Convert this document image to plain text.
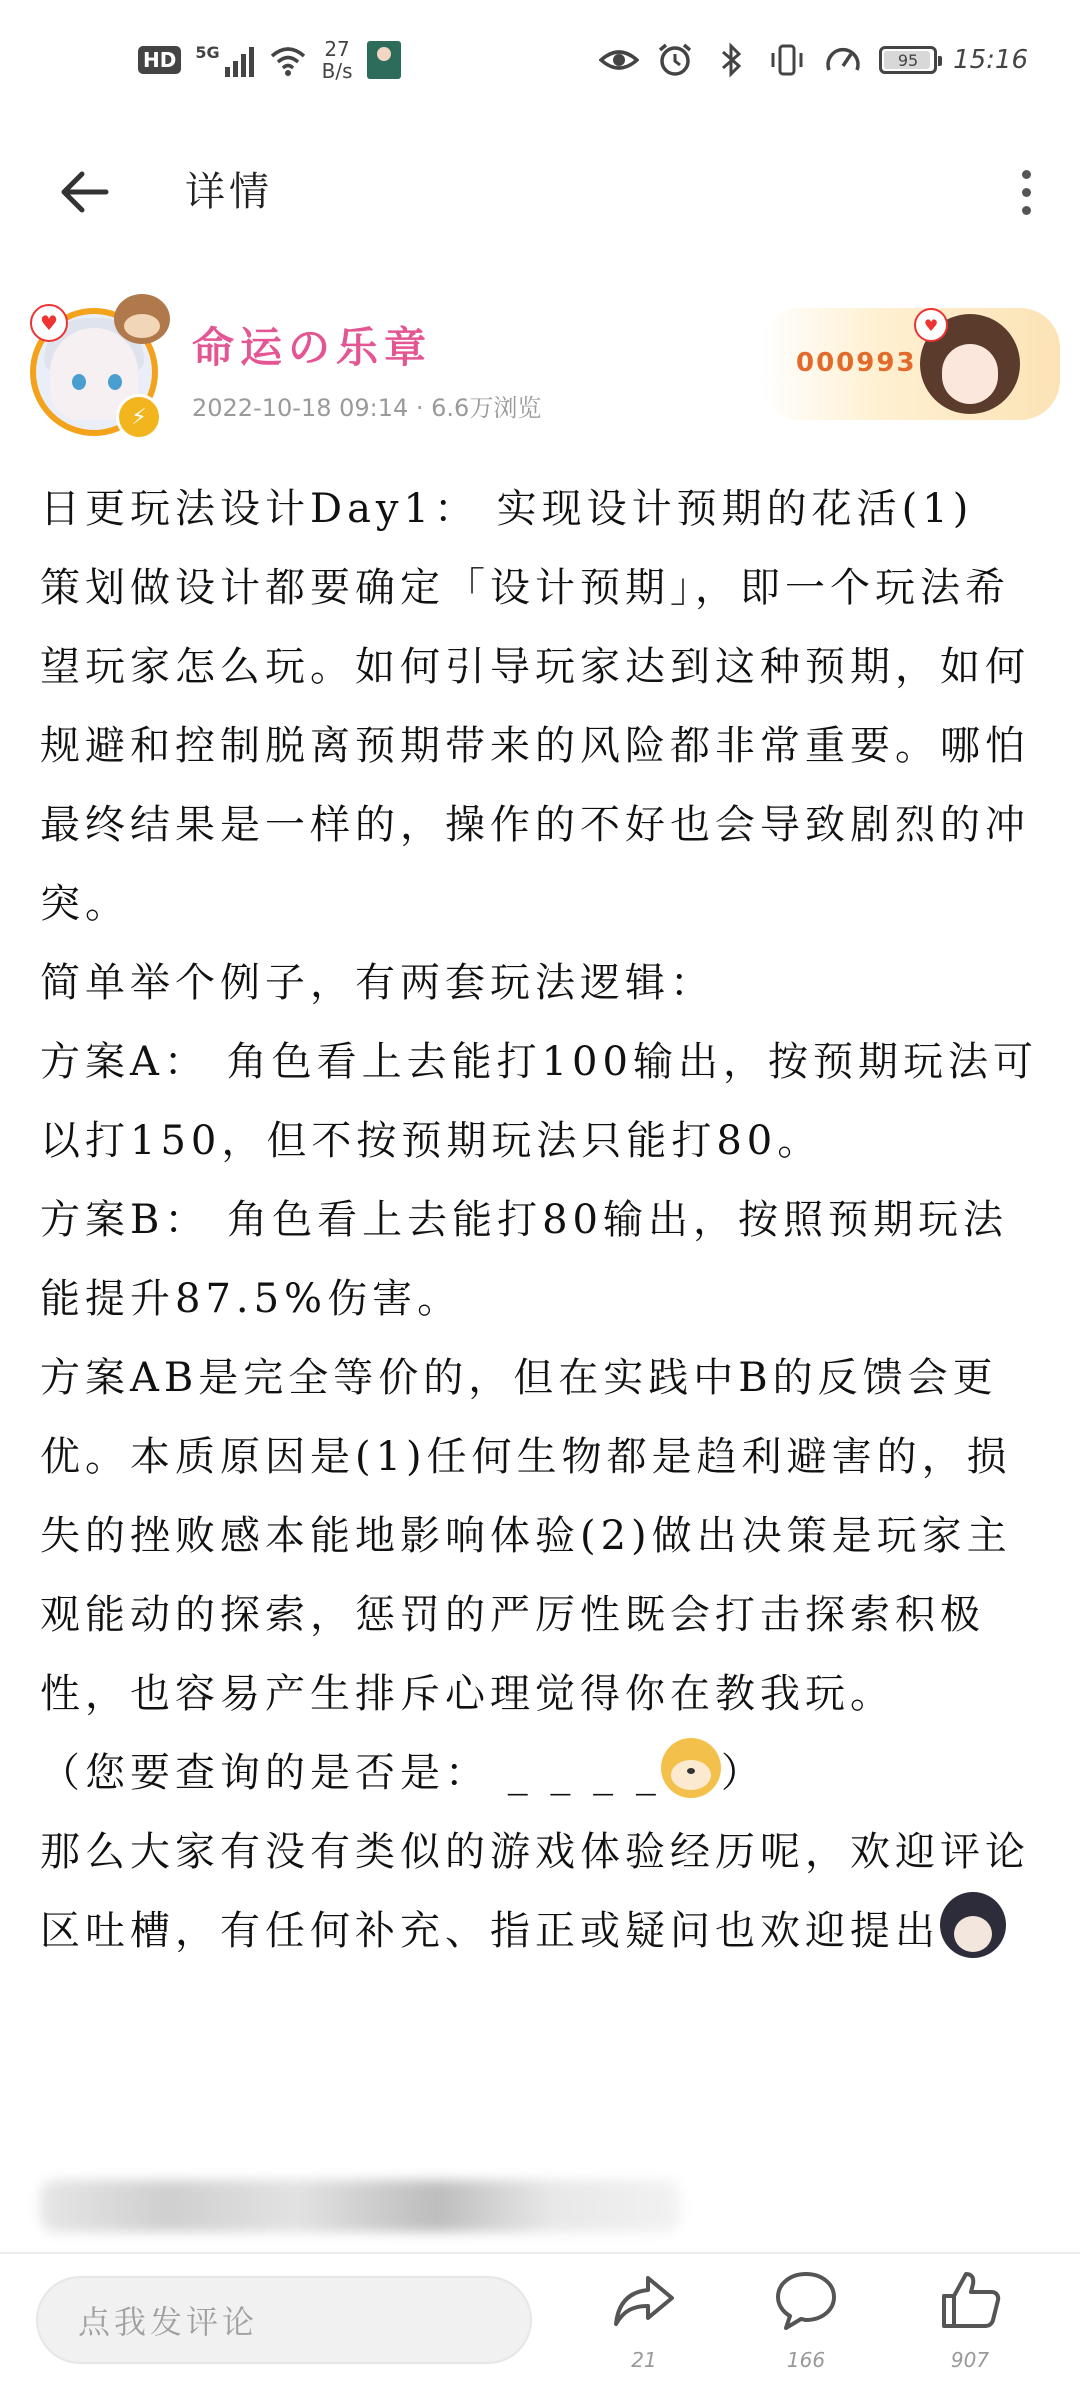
HD	5G	27
B/s	95 15:16
详情
♥
⚡
命运の乐章
2022-10-18 09:14 · 6.6万浏览
000993
♥

日更玩法设计Day1： 实现设计预期的花活(1)

策划做设计都要确定「设计预期」，即一个玩法希望玩家怎么玩。如何引导玩家达到这种预期，如何规避和控制脱离预期带来的风险都非常重要。哪怕最终结果是一样的，操作的不好也会导致剧烈的冲突。

简单举个例子，有两套玩法逻辑：

方案A： 角色看上去能打100输出，按预期玩法可以打150，但不按预期玩法只能打80。

方案B： 角色看上去能打80输出，按照预期玩法能提升87.5%伤害。

方案AB是完全等价的，但在实践中B的反馈会更优。本质原因是(1)任何生物都是趋利避害的，损失的挫败感本能地影响体验(2)做出决策是玩家主观能动的探索，惩罚的严厉性既会打击探索积极性，也容易产生排斥心理觉得你在教我玩。

（您要查询的是否是： _ _ _ _ ）

那么大家有没有类似的游戏体验经历呢，欢迎评论区吐槽，有任何补充、指正或疑问也欢迎提出

点我发评论
21	166	907
